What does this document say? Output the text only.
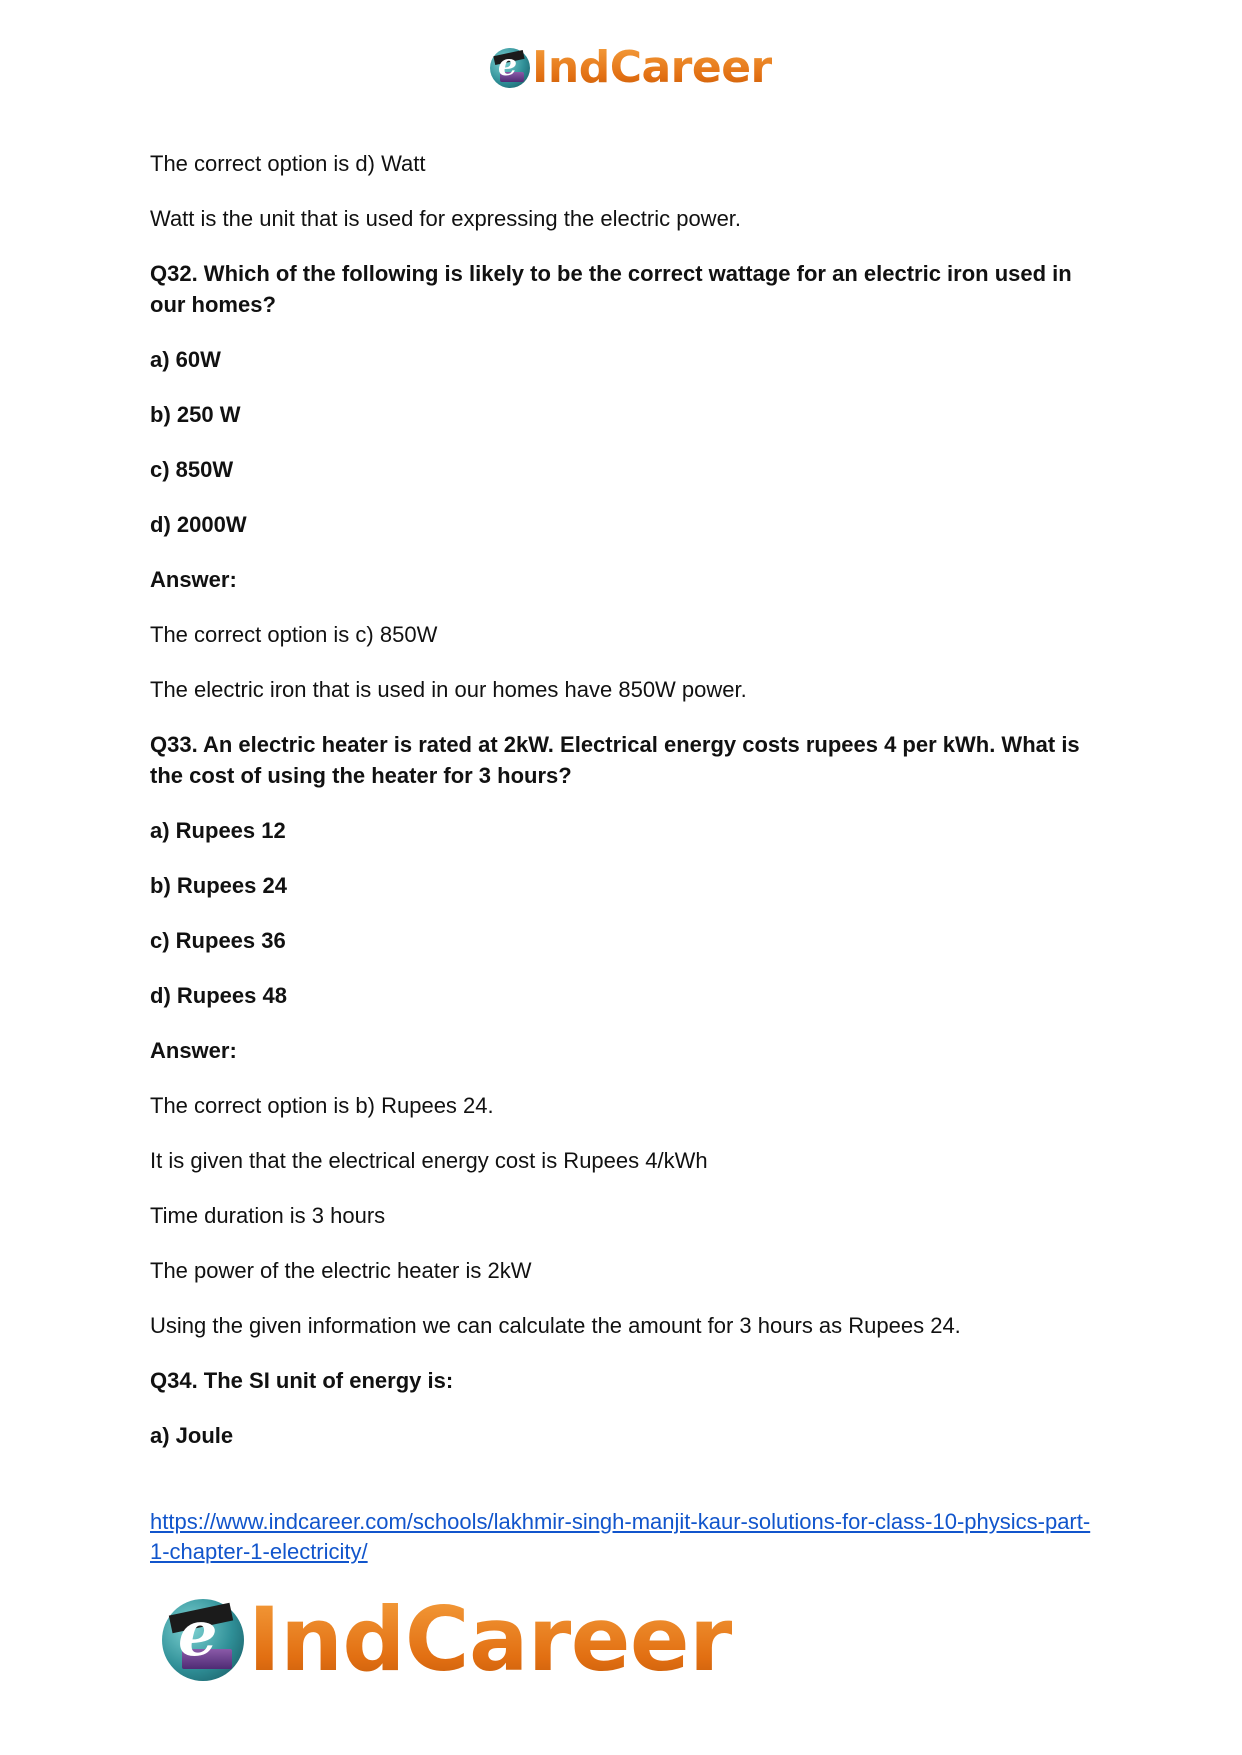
e IndCareer

The correct option is d) Watt

Watt is the unit that is used for expressing the electric power.

Q32. Which of the following is likely to be the correct wattage for an electric iron used in our homes?

a) 60W

b) 250 W

c) 850W

d) 2000W

Answer:

The correct option is c) 850W

The electric iron that is used in our homes have 850W power.

Q33. An electric heater is rated at 2kW. Electrical energy costs rupees 4 per kWh. What is the cost of using the heater for 3 hours?

a) Rupees 12

b) Rupees 24

c) Rupees 36

d) Rupees 48

Answer:

The correct option is b) Rupees 24.

It is given that the electrical energy cost is Rupees 4/kWh

Time duration is 3 hours

The power of the electric heater is 2kW

Using the given information we can calculate the amount for 3 hours as Rupees 24.

Q34. The SI unit of energy is:

a) Joule

https://www.indcareer.com/schools/lakhmir-singh-manjit-kaur-solutions-for-class-10-physics-part-1-chapter-1-electricity/
e IndCareer
